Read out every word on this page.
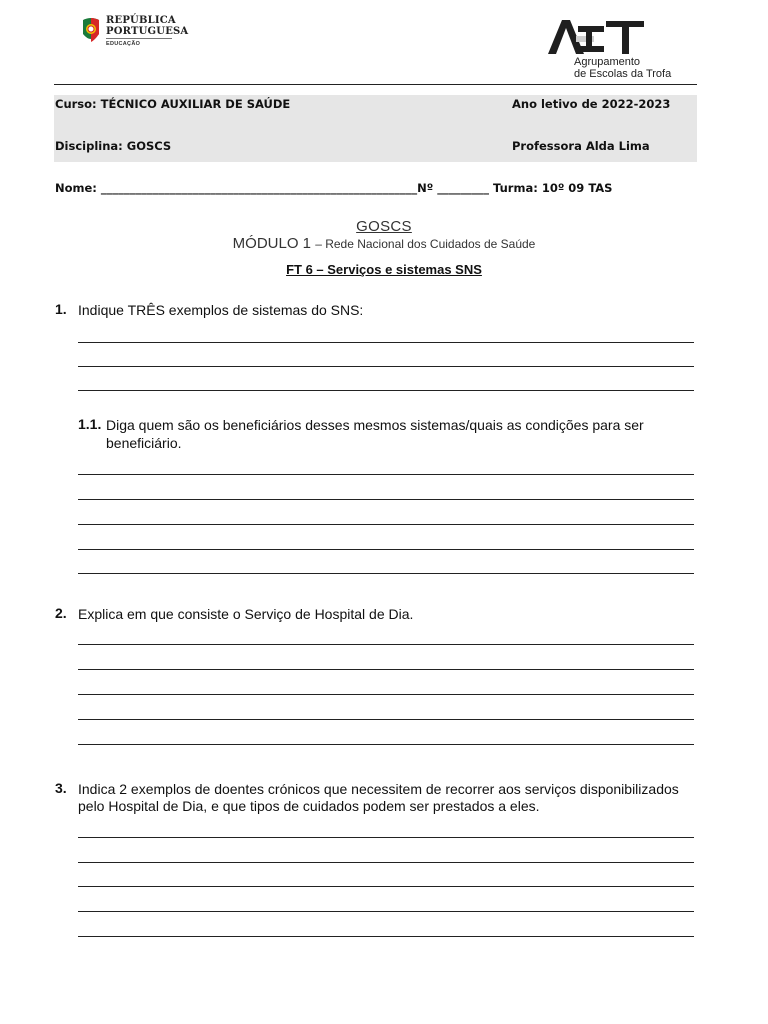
REPÚBLICA
PORTUGUESA
EDUCAÇÃO
Agrupamento
de Escolas da Trofa
Curso: TÉCNICO AUXILIAR DE SAÚDE	Ano letivo de 2022-2023
Disciplina: GOSCS	Professora Alda Lima
Nome: _______________________________________________________Nº _________ Turma: 10º 09 TAS
GOSCS
MÓDULO 1 – Rede Nacional dos Cuidados de Saúde
FT 6 – Serviços e sistemas SNS
1. Indique TRÊS exemplos de sistemas do SNS:
1.1. Diga quem são os beneficiários desses mesmos sistemas/quais as condições para ser
beneficiário.
2. Explica em que consiste o Serviço de Hospital de Dia.
3. Indica 2 exemplos de doentes crónicos que necessitem de recorrer aos serviços disponibilizados
pelo Hospital de Dia, e que tipos de cuidados podem ser prestados a eles.
